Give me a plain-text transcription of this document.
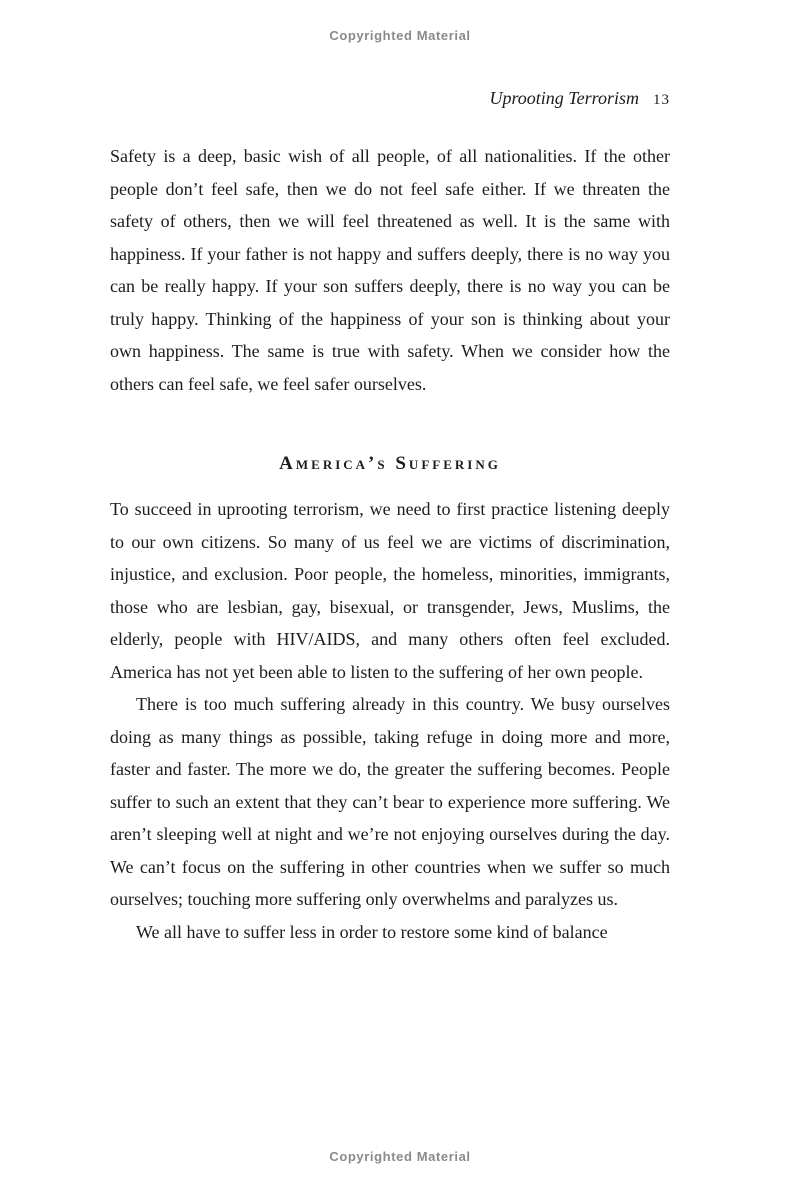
Copyrighted Material
Uprooting Terrorism 13

Safety is a deep, basic wish of all people, of all nationalities. If the other people don’t feel safe, then we do not feel safe either. If we threaten the safety of others, then we will feel threatened as well. It is the same with happiness. If your father is not happy and suffers deeply, there is no way you can be really happy. If your son suffers deeply, there is no way you can be truly happy. Thinking of the happiness of your son is thinking about your own happiness. The same is true with safety. When we consider how the others can feel safe, we feel safer ourselves.

America’s Suffering

To succeed in uprooting terrorism, we need to first practice listening deeply to our own citizens. So many of us feel we are victims of discrimination, injustice, and exclusion. Poor people, the homeless, minorities, immigrants, those who are lesbian, gay, bisexual, or transgender, Jews, Muslims, the elderly, people with HIV/AIDS, and many others often feel excluded. America has not yet been able to listen to the suffering of her own people.

There is too much suffering already in this country. We busy ourselves doing as many things as possible, taking refuge in doing more and more, faster and faster. The more we do, the greater the suffering becomes. People suffer to such an extent that they can’t bear to experience more suffering. We aren’t sleeping well at night and we’re not enjoying ourselves during the day. We can’t focus on the suffering in other countries when we suffer so much ourselves; touching more suffering only overwhelms and paralyzes us.

We all have to suffer less in order to restore some kind of balance

Copyrighted Material
